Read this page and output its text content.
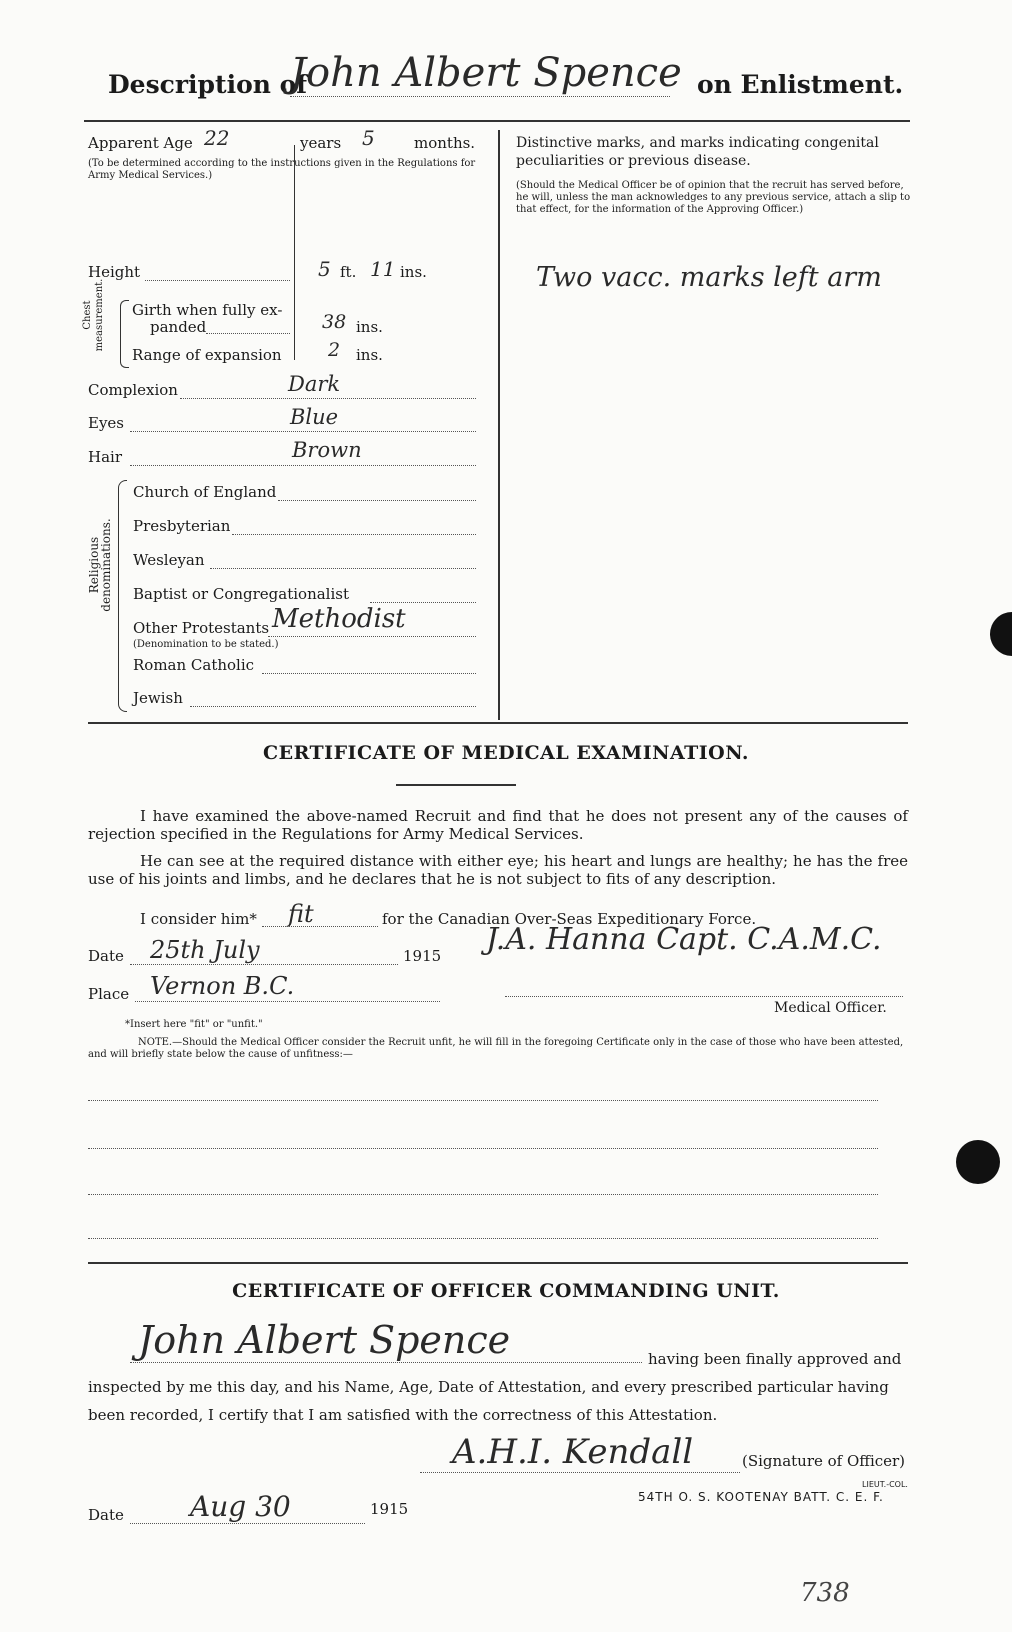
Description of
John Albert Spence on Enlistment.
Apparent Age 22	years 5	months.
(To be determined according to the instructions given in the Regulations for Army Medical Services.)
Height	5 ft. 11 ins.
Chest measurement. Girth when fully ex-
panded	38 ins.
Range of expansion 2 ins.
Complexion	Dark
Eyes	Blue
Hair	Brown
Religious denominations.
Church of England
Presbyterian
Wesleyan
Baptist or Congregationalist
Other Protestants Methodist
(Denomination to be stated.)
Roman Catholic
Jewish
Distinctive marks, and marks indicating congenital peculiarities or previous disease.
(Should the Medical Officer be of opinion that the recruit has served before, he will, unless the man acknowledges to any previous service, attach a slip to that effect, for the information of the Approving Officer.)
Two vacc. marks left arm
CERTIFICATE OF MEDICAL EXAMINATION.
I have examined the above-named Recruit and find that he does not present any of the causes of rejection specified in the Regulations for Army Medical Services.
He can see at the required distance with either eye; his heart and lungs are healthy; he has the free use of his joints and limbs, and he declares that he is not subject to fits of any description.
I consider him* fit	for the Canadian Over-Seas Expeditionary Force.
Date 25th July	1915 J.A. Hanna Capt. C.A.M.C.
Place Vernon B.C.
Medical Officer.
*Insert here "fit" or "unfit."
NOTE.—Should the Medical Officer consider the Recruit unfit, he will fill in the foregoing Certificate only in the case of those who have been attested, and will briefly state below the cause of unfitness:—
CERTIFICATE OF OFFICER COMMANDING UNIT.
John Albert Spence	having been finally approved and
inspected by me this day, and his Name, Age, Date of Attestation, and every prescribed particular having
been recorded, I certify that I am satisfied with the correctness of this Attestation.
A.H.I. Kendall	(Signature of Officer)
LIEUT.-COL.
54TH O. S. KOOTENAY BATT. C. E. F.
Date Aug 30	1915
738
